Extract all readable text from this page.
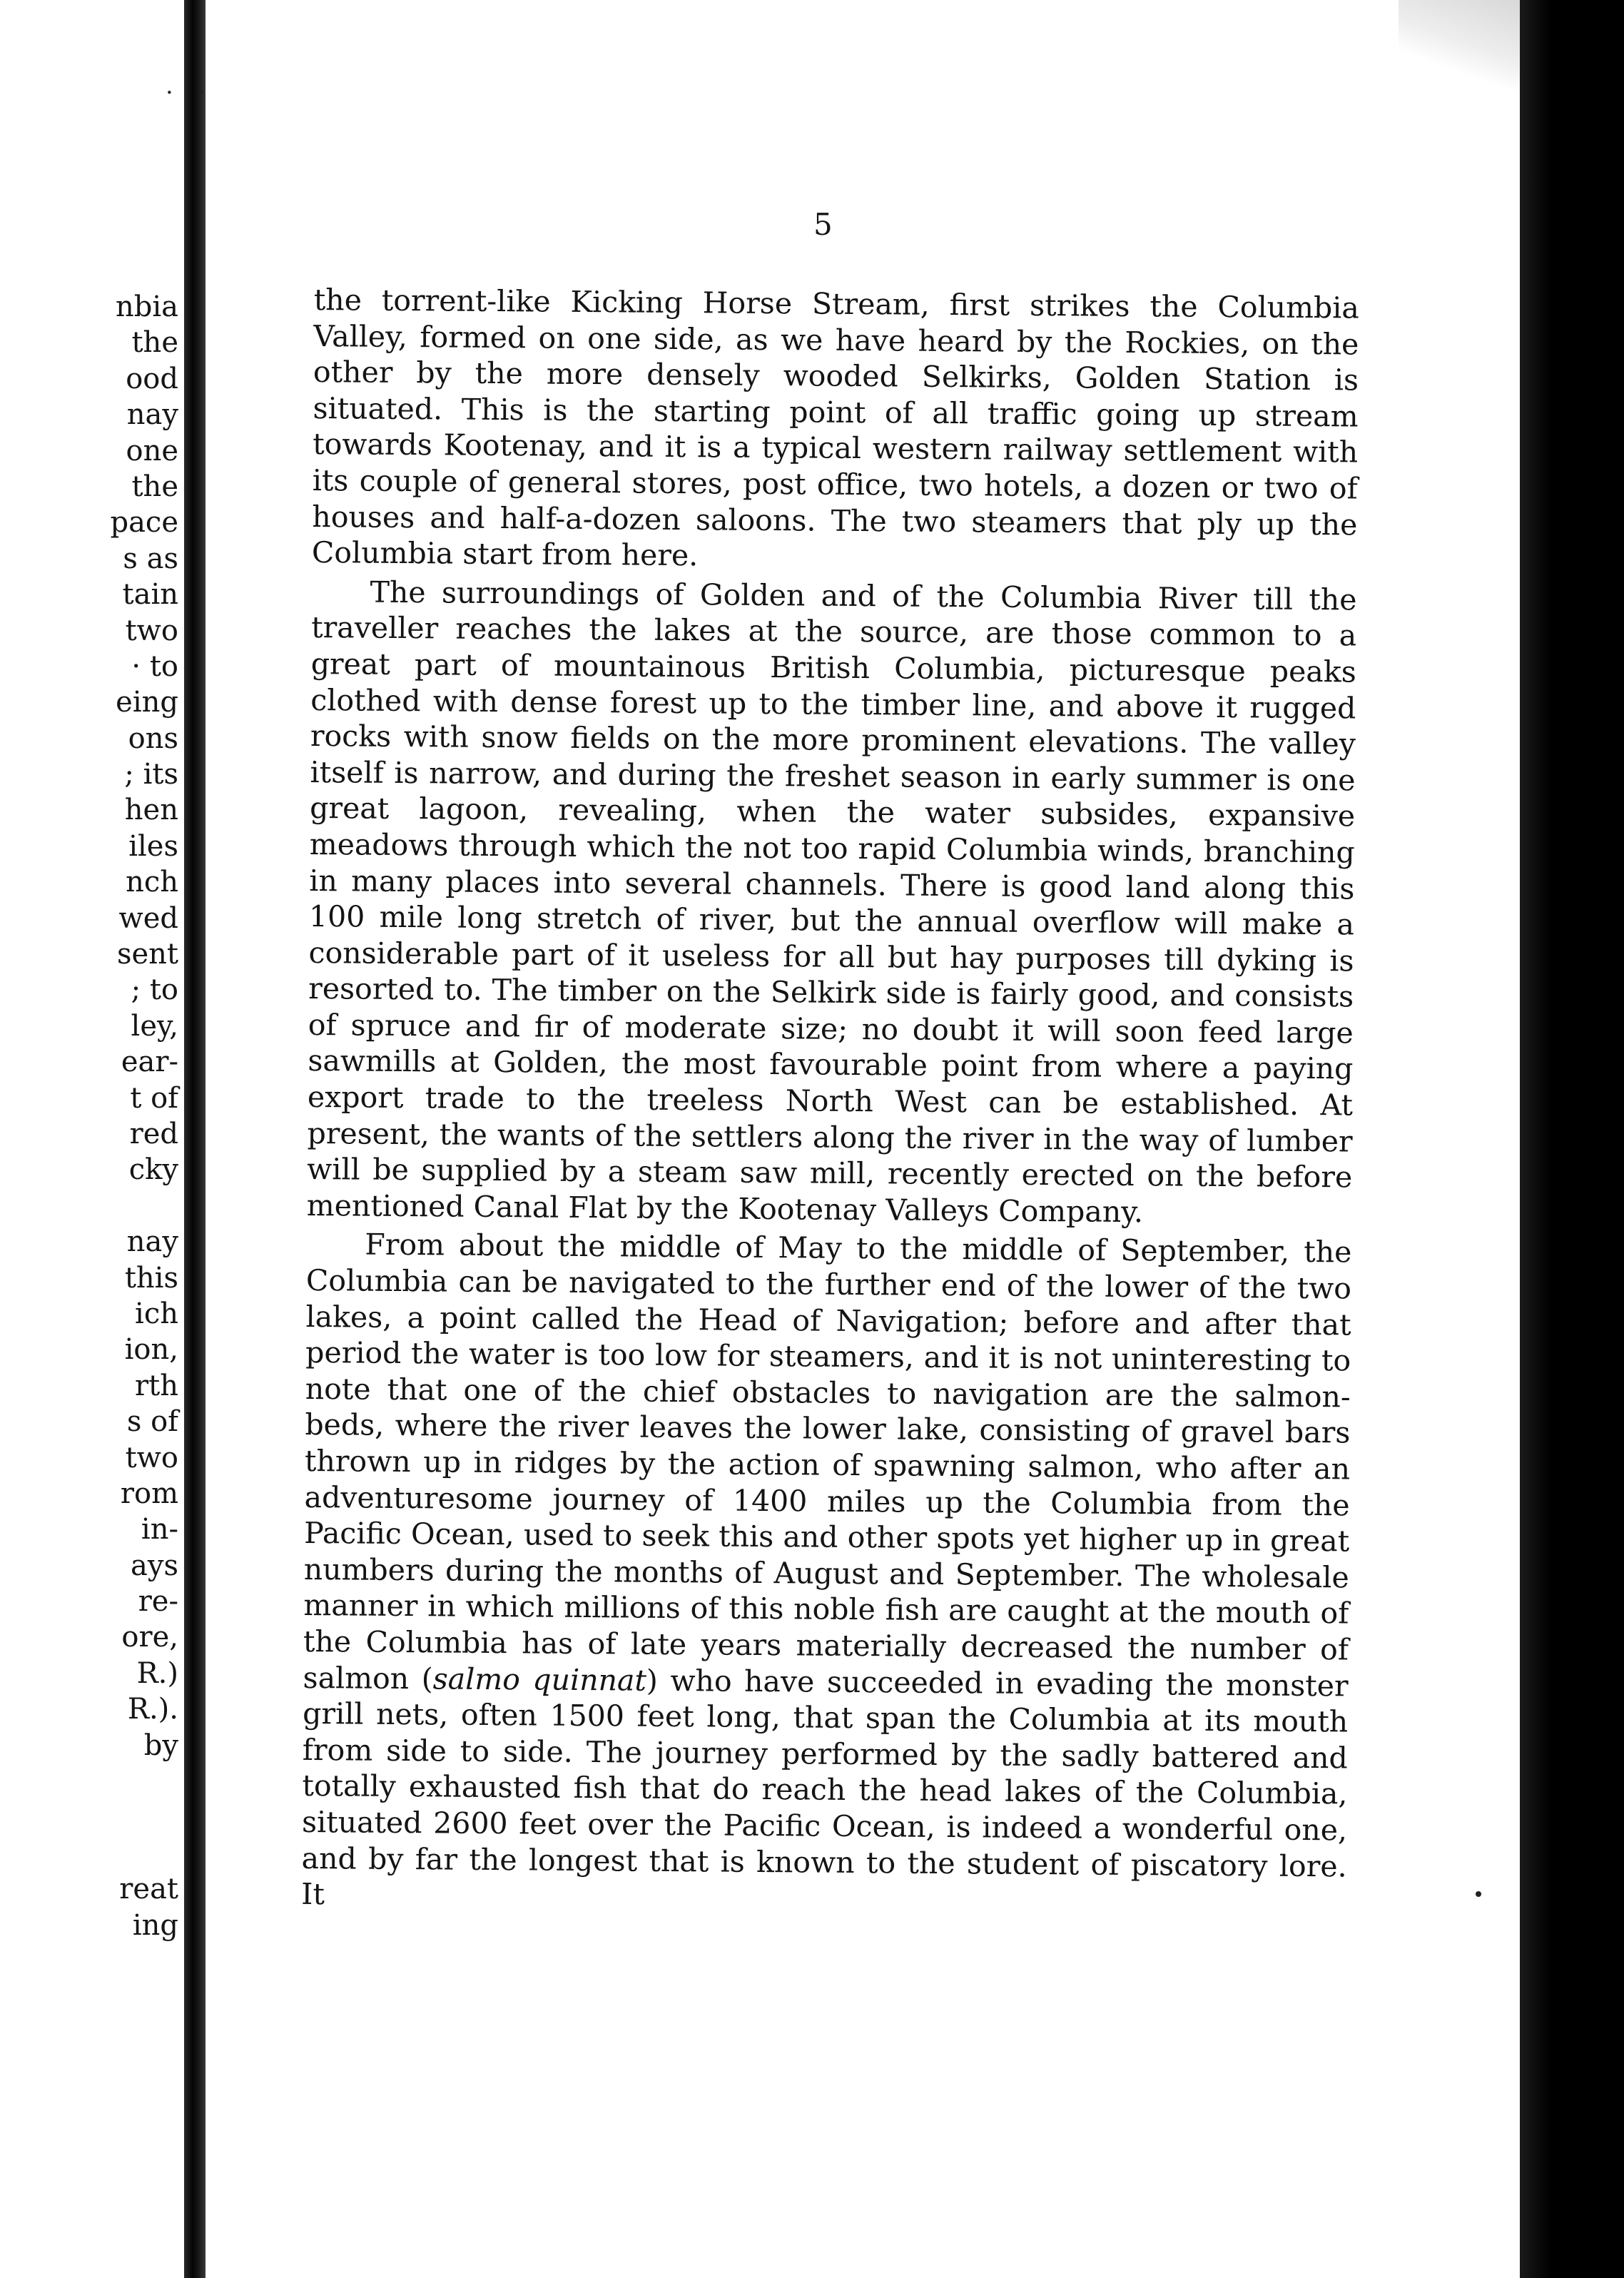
· ·
nbia
the
ood
nay
one
the
pace
s as
tain
two
· to
eing
ons
; its
hen
iles
nch
wed
sent
; to
ley,
ear-
t of
red
cky
nay
this
ich
ion,
rth
s of
two
rom
in-
ays
re-
ore,
R.)
R.).
by
reat
ing
5

the torrent-like Kicking Horse Stream, first strikes the Columbia Valley, formed on one side, as we have heard by the Rockies, on the other by the more densely wooded Selkirks, Golden Station is situated. This is the starting point of all traffic going up stream towards Kootenay, and it is a typical western railway settlement with its couple of general stores, post office, two hotels, a dozen or two of houses and half-a-dozen saloons. The two steamers that ply up the Columbia start from here.

The surroundings of Golden and of the Columbia River till the traveller reaches the lakes at the source, are those common to a great part of mountainous British Columbia, picturesque peaks clothed with dense forest up to the timber line, and above it rugged rocks with snow fields on the more prominent elevations. The valley itself is narrow, and during the freshet season in early summer is one great lagoon, revealing, when the water subsides, expansive meadows through which the not too rapid Columbia winds, branching in many places into several channels. There is good land along this 100 mile long stretch of river, but the annual overflow will make a considerable part of it useless for all but hay purposes till dyking is resorted to. The timber on the Selkirk side is fairly good, and consists of spruce and fir of moderate size; no doubt it will soon feed large sawmills at Golden, the most favourable point from where a paying export trade to the treeless North West can be established. At present, the wants of the settlers along the river in the way of lumber will be supplied by a steam saw mill, recently erected on the before mentioned Canal Flat by the Kootenay Valleys Company.

From about the middle of May to the middle of September, the Columbia can be navigated to the further end of the lower of the two lakes, a point called the Head of Navigation; before and after that period the water is too low for steamers, and it is not uninteresting to note that one of the chief obstacles to navigation are the salmon-beds, where the river leaves the lower lake, consisting of gravel bars thrown up in ridges by the action of spawning salmon, who after an adventuresome journey of 1400 miles up the Columbia from the Pacific Ocean, used to seek this and other spots yet higher up in great numbers during the months of August and September. The wholesale manner in which millions of this noble fish are caught at the mouth of the Columbia has of late years materially decreased the number of salmon (salmo quinnat) who have succeeded in evading the monster grill nets, often 1500 feet long, that span the Columbia at its mouth from side to side. The journey performed by the sadly battered and totally exhausted fish that do reach the head lakes of the Columbia, situated 2600 feet over the Pacific Ocean, is indeed a wonderful one, and by far the longest that is known to the student of piscatory lore. It
